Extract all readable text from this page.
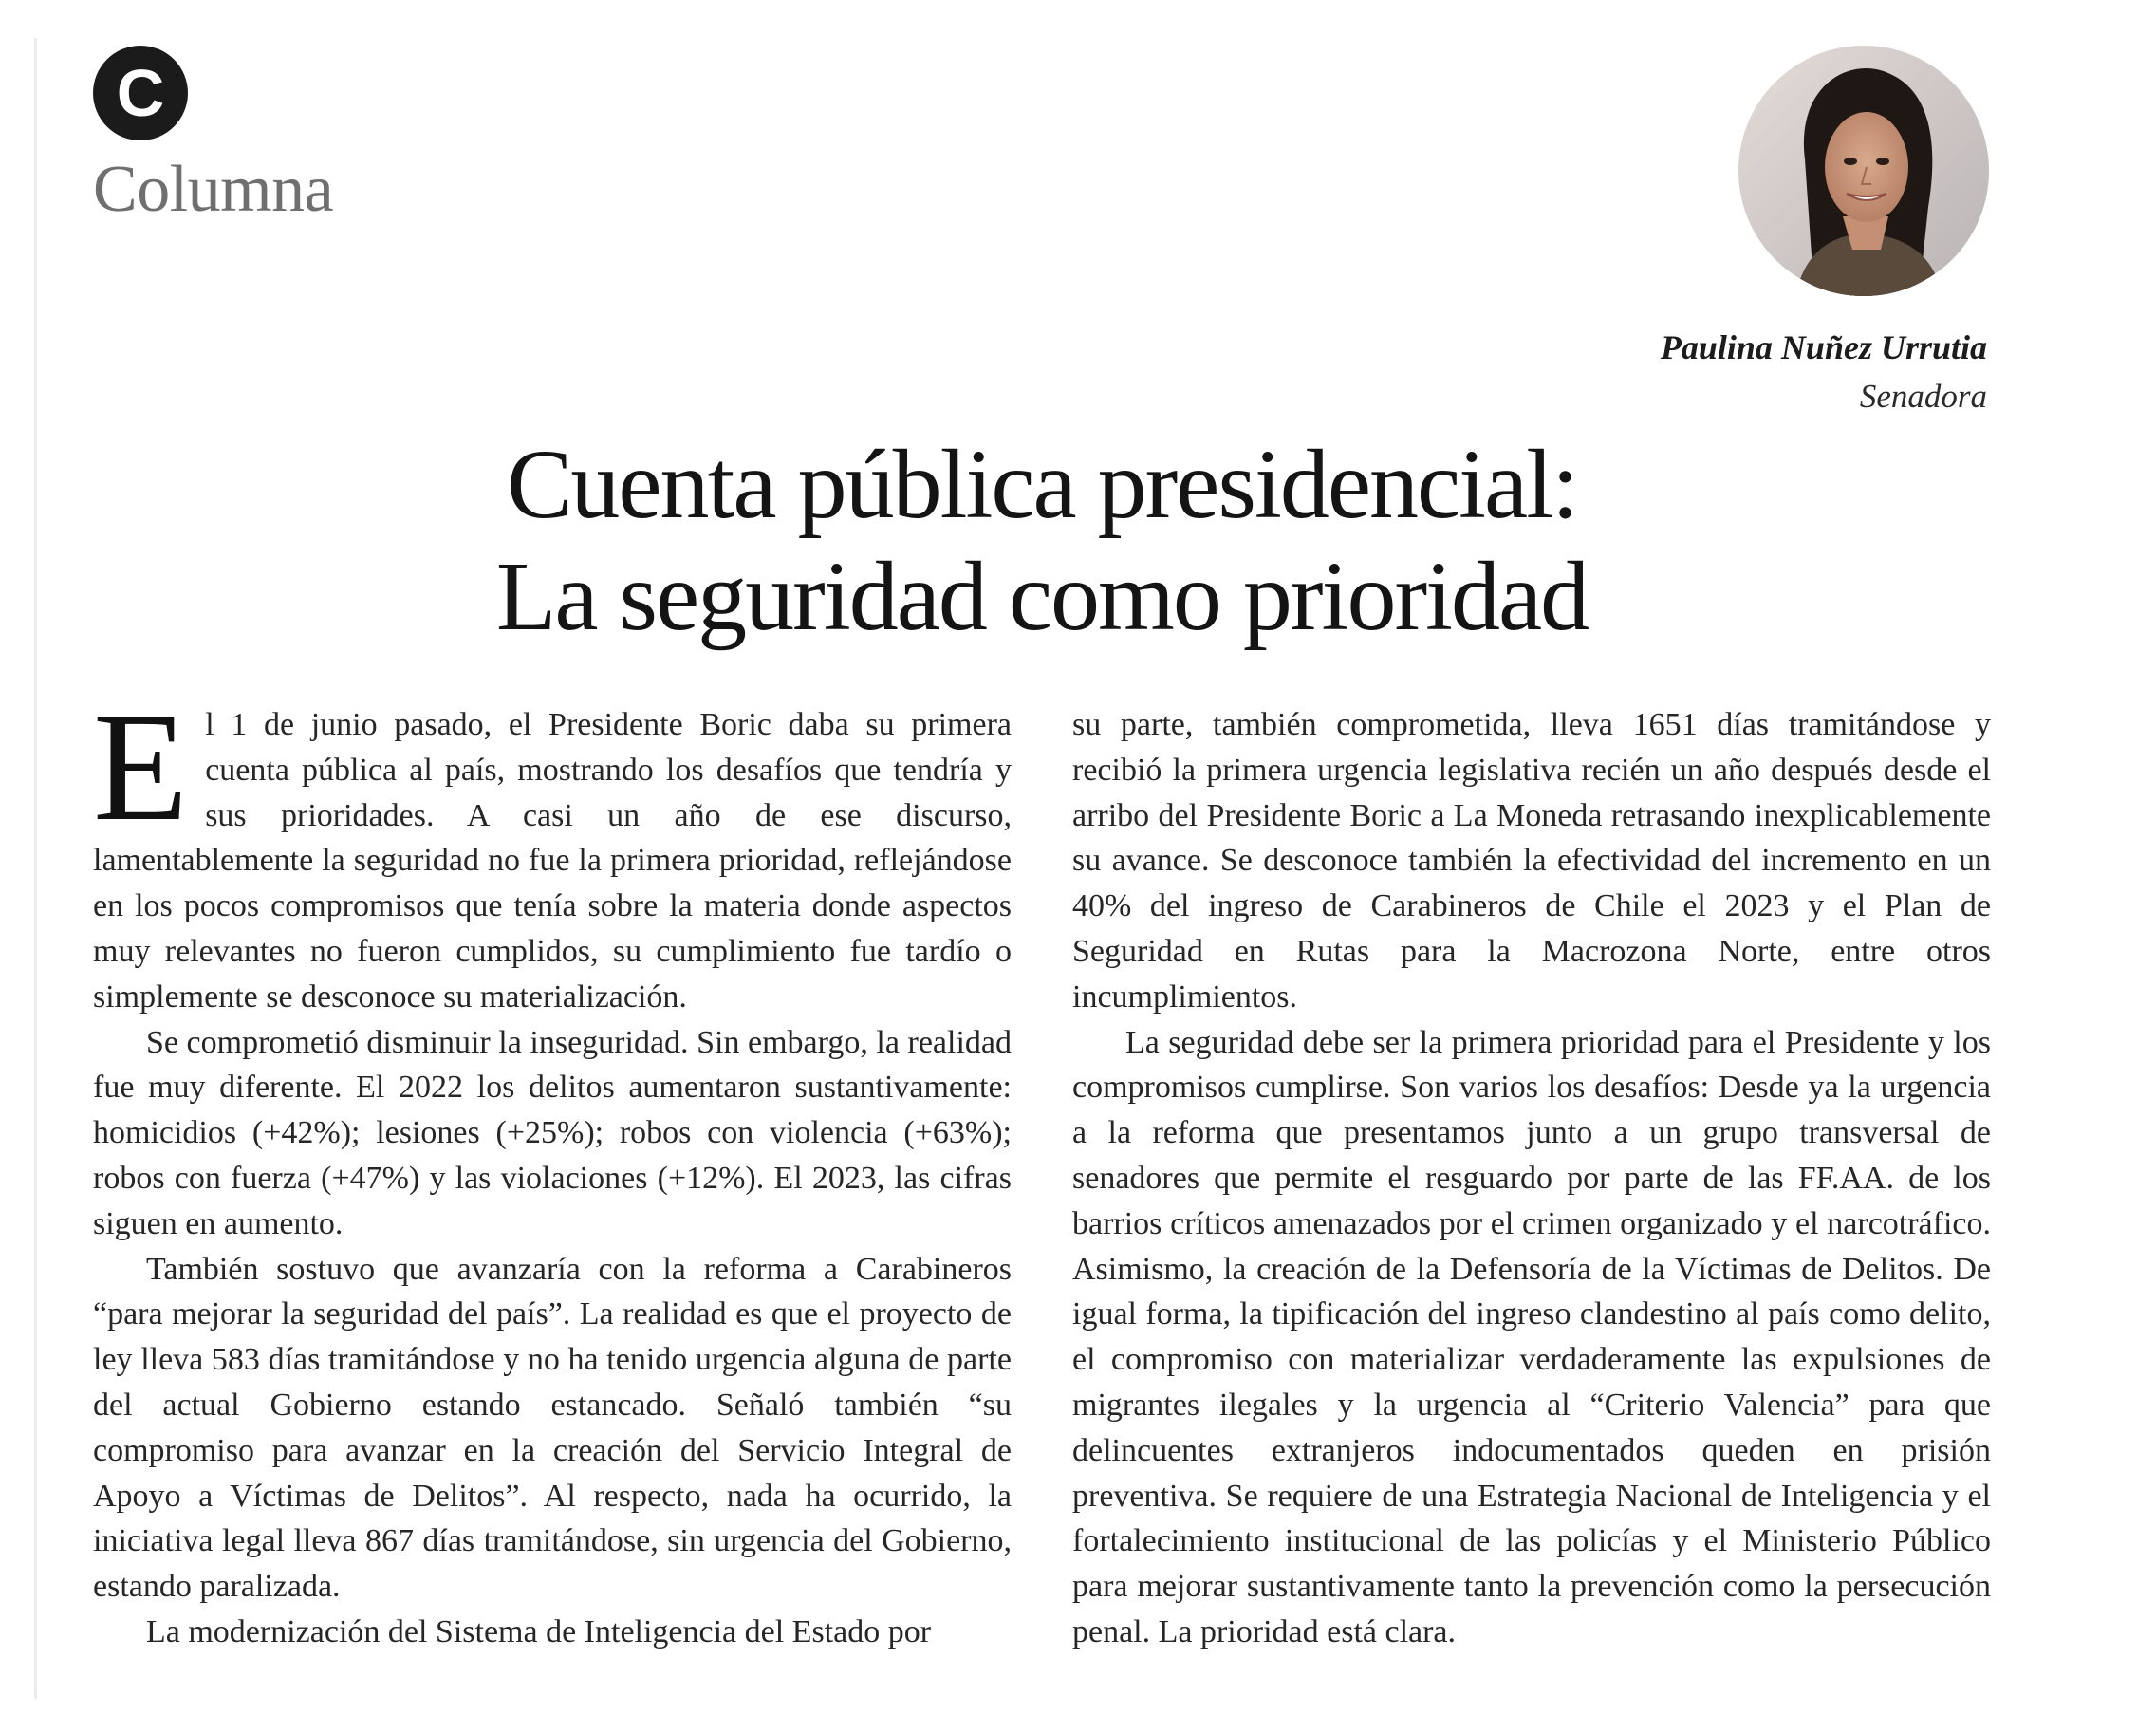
C
Columna
Paulina Nuñez Urrutia
Senadora
Cuenta pública presidencial:
La seguridad como prioridad

El 1 de junio pasado, el Presidente Boric daba su primera cuenta pública al país, mostrando los desafíos que tendría y sus prioridades. A casi un año de ese discurso, lamentablemente la seguridad no fue la primera prioridad, reflejándose en los pocos compromisos que tenía sobre la materia donde aspectos muy relevantes no fueron cumplidos, su cumplimiento fue tardío o simplemente se desconoce su materialización.

Se comprometió disminuir la inseguridad. Sin embargo, la realidad fue muy diferente. El 2022 los delitos aumentaron sustantivamente: homicidios (+42%); lesiones (+25%); robos con violencia (+63%); robos con fuerza (+47%) y las violaciones (+12%). El 2023, las cifras siguen en aumento.

También sostuvo que avanzaría con la reforma a Carabineros “para mejorar la seguridad del país”. La realidad es que el proyecto de ley lleva 583 días tramitándose y no ha tenido urgencia alguna de parte del actual Gobierno estando estancado. Señaló también “su compromiso para avanzar en la creación del Servicio Integral de Apoyo a Víctimas de Delitos”. Al respecto, nada ha ocurrido, la iniciativa legal lleva 867 días tramitándose, sin urgencia del Gobierno, estando paralizada.

La modernización del Sistema de Inteligencia del Estado por

su parte, también comprometida, lleva 1651 días tramitándose y recibió la primera urgencia legislativa recién un año después desde el arribo del Presidente Boric a La Moneda retrasando inexplicablemente su avance. Se desconoce también la efectividad del incremento en un 40% del ingreso de Carabineros de Chile el 2023 y el Plan de Seguridad en Rutas para la Macrozona Norte, entre otros incumplimientos.

La seguridad debe ser la primera prioridad para el Presidente y los compromisos cumplirse. Son varios los desafíos: Desde ya la urgencia a la reforma que presentamos junto a un grupo transversal de senadores que permite el resguardo por parte de las FF.AA. de los barrios críticos amenazados por el crimen organizado y el narcotráfico. Asimismo, la creación de la Defensoría de la Víctimas de Delitos. De igual forma, la tipificación del ingreso clandestino al país como delito, el compromiso con materializar verdaderamente las expulsiones de migrantes ilegales y la urgencia al “Criterio Valencia” para que delincuentes extranjeros indocumentados queden en prisión preventiva. Se requiere de una Estrategia Nacional de Inteligencia y el fortalecimiento institucional de las policías y el Ministerio Público para mejorar sustantivamente tanto la prevención como la persecución penal. La prioridad está clara.
